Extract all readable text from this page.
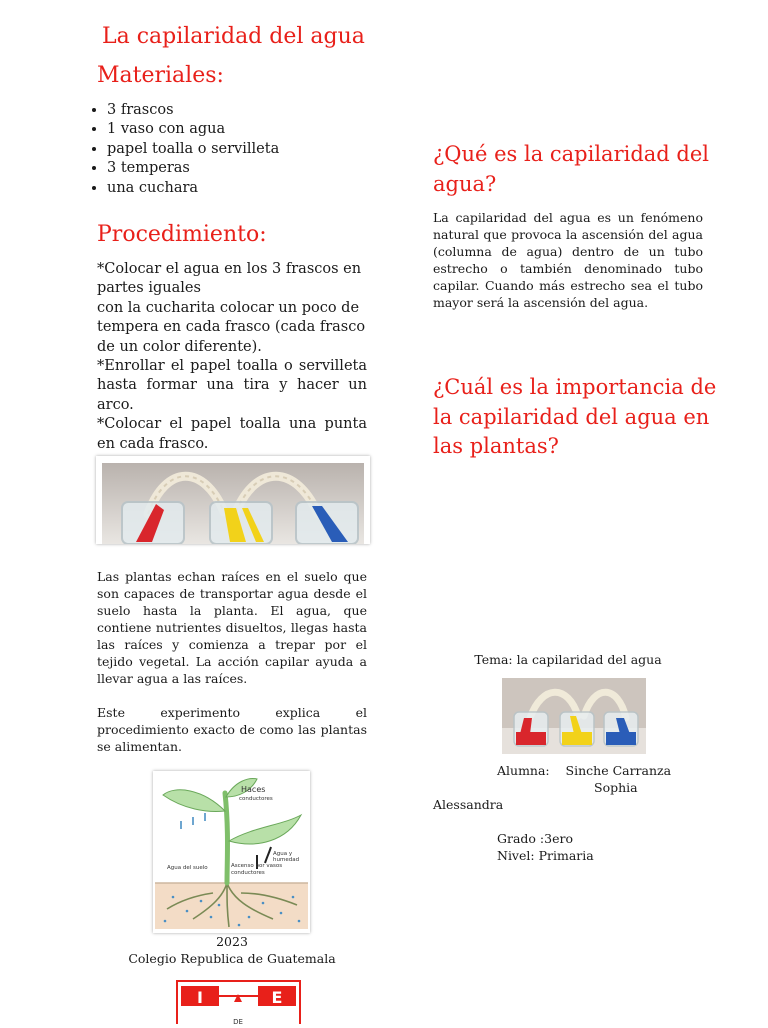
La capilaridad del agua
Materiales:
• 3 frascos
• 1 vaso con agua
• papel toalla o servilleta
• 3 temperas
• una cuchara
Procedimiento:

*Colocar el agua en los 3 frascos en partes iguales

con la cucharita colocar un poco de tempera en cada frasco (cada frasco de un color diferente).

*Enrollar el papel toalla o servilleta hasta formar una tira y hacer un arco.

*Colocar el papel toalla una punta en cada frasco.

Las plantas echan raíces en el suelo que son capaces de transportar agua desde el suelo hasta la planta. El agua, que contiene nutrientes disueltos, llegas hasta las raíces y comienza a trepar por el tejido vegetal. La acción capilar ayuda a llevar agua a las raíces.

Este experimento explica el procedimiento exacto de como las plantas se alimentan.

Haces
conductores
Agua y
humedad
Agua del suelo	Ascenso por vasos
conductores
2023
Colegio Republica de Guatemala
I	E
DE
¿Qué es la capilaridad del agua?
La capilaridad del agua es un fenómeno natural que provoca la ascensión del agua (columna de agua) dentro de un tubo estrecho o también denominado tubo capilar. Cuando más estrecho sea el tubo mayor será la ascensión del agua.
¿Cuál es la importancia de la capilaridad del agua en las plantas?
Tema: la capilaridad del agua

Alumna:    Sinche Carranza

Sophia

Alessandra

Grado :3ero

Nivel: Primaria
